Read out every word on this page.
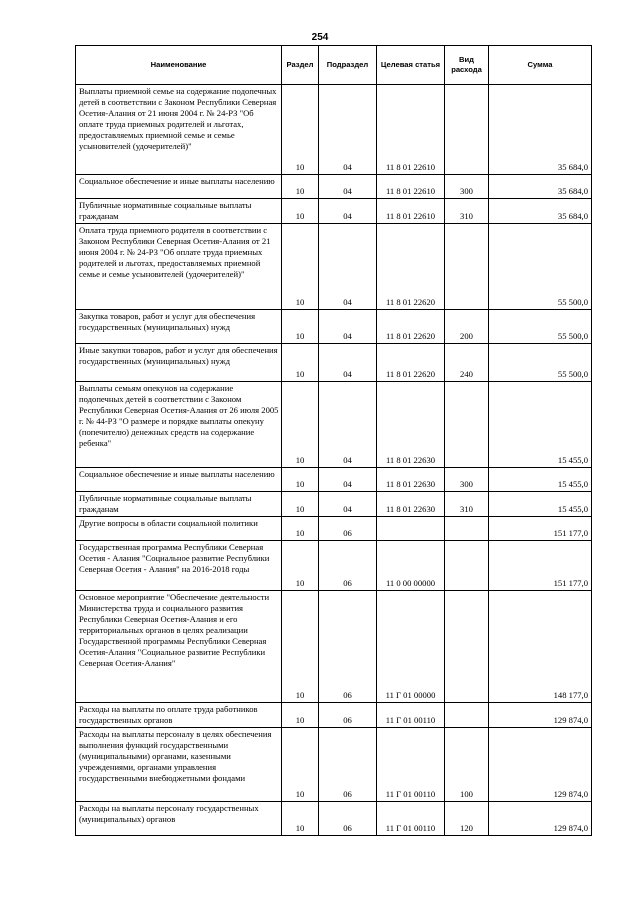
254
Наименование	Раздел	Подраздел	Целевая статья	Вид расхода	Сумма
Выплаты приемной семье на содержание подопечных детей в соответствии с Законом Республики Северная Осетия-Алания от 21 июня 2004 г. № 24-РЗ "Об оплате труда приемных родителей и льготах, предоставляемых приемной семье и семье усыновителей (удочерителей)"	10	04	11 8 01 22610		35 684,0
Социальное обеспечение и иные выплаты населению	10	04	11 8 01 22610	300	35 684,0
Публичные нормативные социальные выплаты гражданам	10	04	11 8 01 22610	310	35 684,0
Оплата труда приемного родителя в соответствии с Законом Республики Северная Осетия-Алания от 21 июня 2004 г. № 24-РЗ "Об оплате труда приемных родителей и льготах, предоставляемых приемной семье и семье усыновителей (удочерителей)"	10	04	11 8 01 22620		55 500,0
Закупка товаров, работ и услуг для обеспечения государственных (муниципальных) нужд	10	04	11 8 01 22620	200	55 500,0
Иные закупки товаров, работ и услуг для обеспечения государственных (муниципальных) нужд	10	04	11 8 01 22620	240	55 500,0
Выплаты семьям опекунов на содержание подопечных детей в соответствии с Законом Республики Северная Осетия-Алания от 26 июля 2005 г. № 44-РЗ "О размере и порядке выплаты опекуну (попечителю) денежных средств на содержание ребенка"	10	04	11 8 01 22630		15 455,0
Социальное обеспечение и иные выплаты населению	10	04	11 8 01 22630	300	15 455,0
Публичные нормативные социальные выплаты гражданам	10	04	11 8 01 22630	310	15 455,0
Другие вопросы в области социальной политики	10	06			151 177,0
Государственная программа Республики Северная Осетия - Алания "Социальное развитие Республики Северная Осетия - Алания" на 2016-2018 годы	10	06	11 0 00 00000		151 177,0
Основное мероприятие "Обеспечение деятельности Министерства труда и социального развития Республики Северная Осетия-Алания и его территориальных органов в целях реализации Государственной программы Республики Северная Осетия-Алания "Социальное развитие Республики Северная Осетия-Алания"	10	06	11 Г 01 00000		148 177,0
Расходы на выплаты по оплате труда работников государственных органов	10	06	11 Г 01 00110		129 874,0
Расходы на выплаты персоналу в целях обеспечения выполнения функций государственными (муниципальными) органами, казенными учреждениями, органами управления государственными внебюджетными фондами	10	06	11 Г 01 00110	100	129 874,0
Расходы на выплаты персоналу государственных (муниципальных) органов	10	06	11 Г 01 00110	120	129 874,0
